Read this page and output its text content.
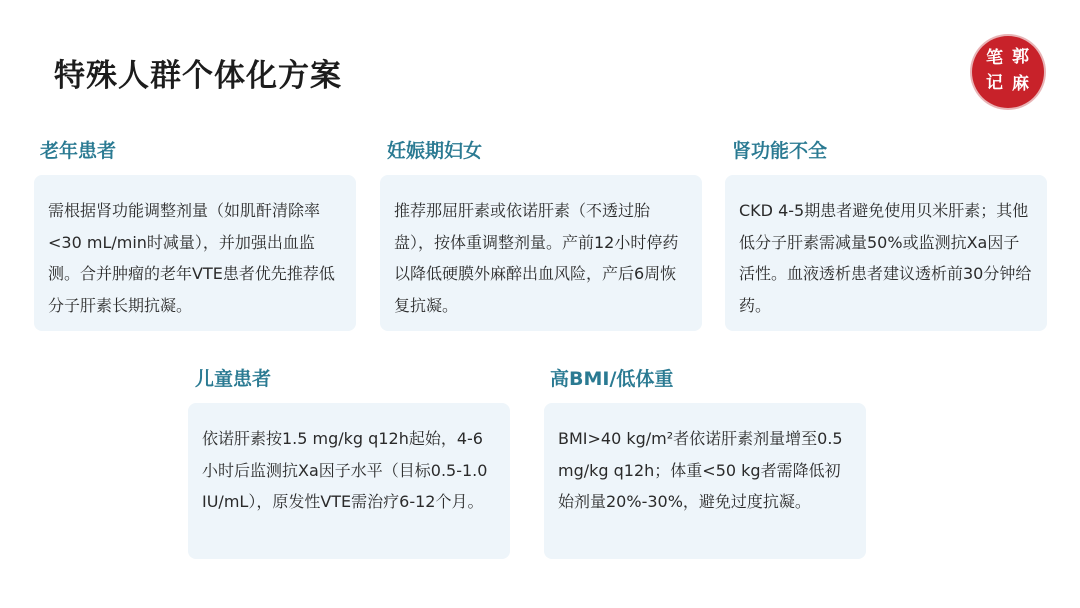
特殊人群个体化方案	笔 郭
记 麻
老年患者
需根据肾功能调整剂量（如肌酐清除率<30 mL/min时减量），并加强出血监测。合并肿瘤的老年VTE患者优先推荐低分子肝素长期抗凝。
妊娠期妇女
推荐那屈肝素或依诺肝素（不透过胎盘），按体重调整剂量。产前12小时停药以降低硬膜外麻醉出血风险，产后6周恢复抗凝。
肾功能不全
CKD 4-5期患者避免使用贝米肝素；其他低分子肝素需减量50%或监测抗Xa因子活性。血液透析患者建议透析前30分钟给药。
儿童患者
依诺肝素按1.5 mg/kg q12h起始，4-6小时后监测抗Xa因子水平（目标0.5-1.0 IU/mL），原发性VTE需治疗6-12个月。
高BMI/低体重
BMI>40 kg/m²者依诺肝素剂量增至0.5 mg/kg q12h；体重<50 kg者需降低初始剂量20%-30%，避免过度抗凝。
